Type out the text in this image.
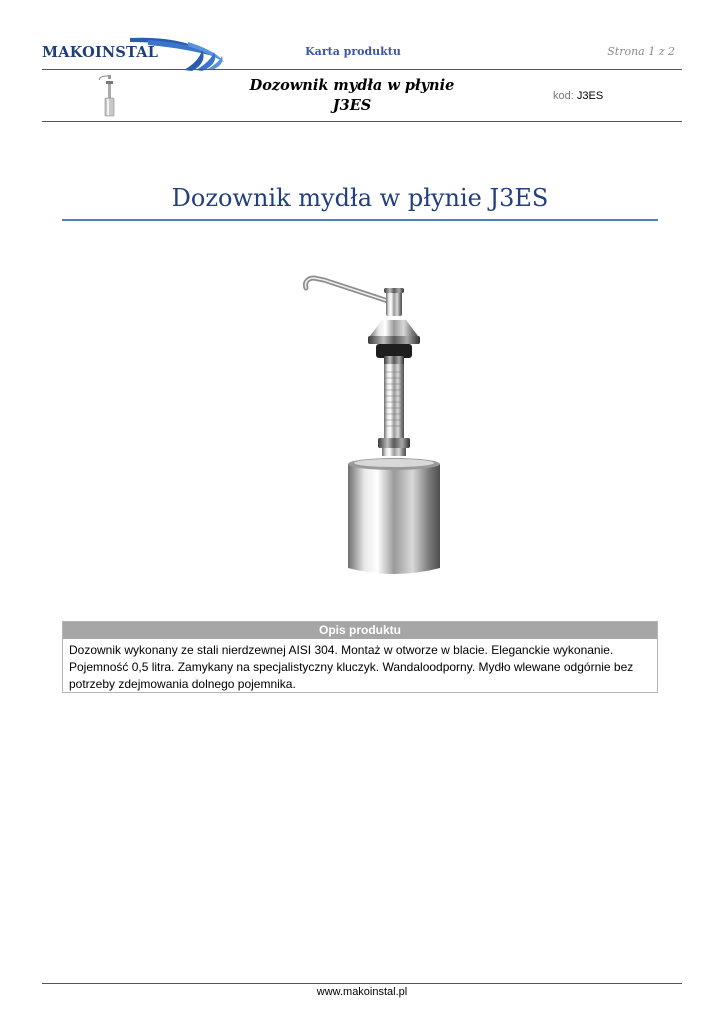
MAKOINSTAL	Karta produktu	Strona 1 z 2
Dozownik mydła w płynie
J3ES
kod: J3ES
Dozownik mydła w płynie J3ES
Opis produktu
Dozownik wykonany ze stali nierdzewnej AISI 304. Montaż w otworze w blacie. Eleganckie wykonanie. Pojemność 0,5 litra. Zamykany na specjalistyczny kluczyk. Wandaloodporny. Mydło wlewane odgórnie bez potrzeby zdejmowania dolnego pojemnika.
www.makoinstal.pl
